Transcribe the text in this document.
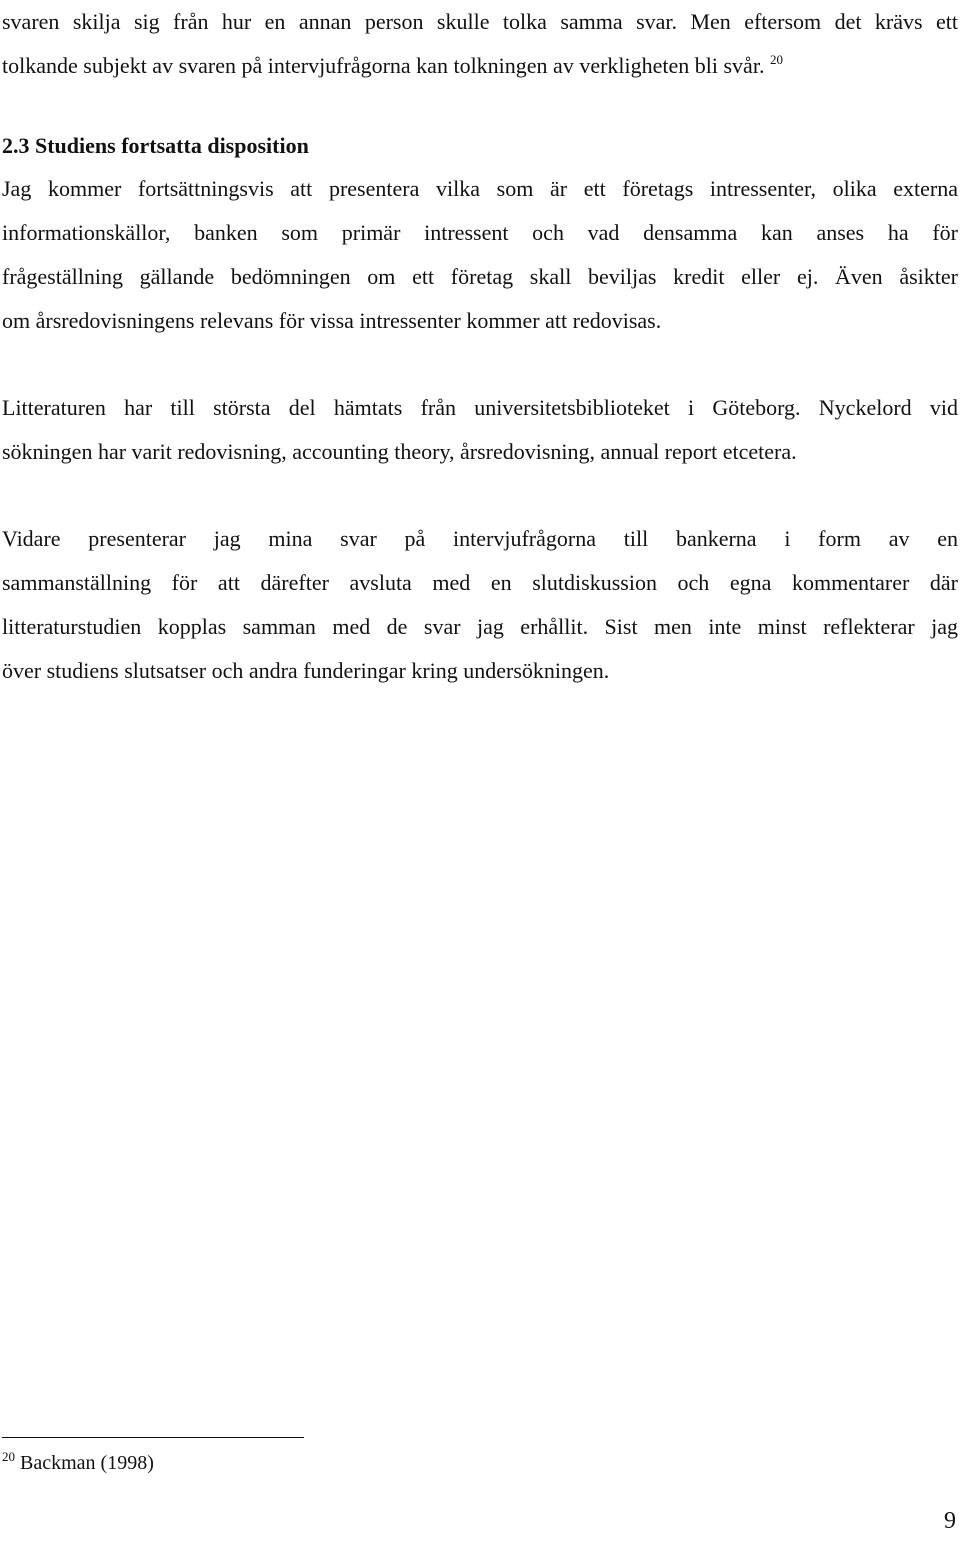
svaren skilja sig från hur en annan person skulle tolka samma svar. Men eftersom det krävs ett
tolkande subjekt av svaren på intervjufrågorna kan tolkningen av verkligheten bli svår. $^{20}$

2.3 Studiens fortsatta disposition

Jag kommer fortsättningsvis att presentera vilka som är ett företags intressenter, olika externa
informationskällor, banken som primär intressent och vad densamma kan anses ha för
frågeställning gällande bedömningen om ett företag skall beviljas kredit eller ej. Även åsikter
om årsredovisningens relevans för vissa intressenter kommer att redovisas.

Litteraturen har till största del hämtats från universitetsbiblioteket i Göteborg. Nyckelord vid
sökningen har varit redovisning, accounting theory, årsredovisning, annual report etcetera.

Vidare presenterar jag mina svar på intervjufrågorna till bankerna i form av en
sammanställning för att därefter avsluta med en slutdiskussion och egna kommentarer där
litteraturstudien kopplas samman med de svar jag erhållit. Sist men inte minst reflekterar jag
över studiens slutsatser och andra funderingar kring undersökningen.

$^{20}$ Backman (1998)

9
